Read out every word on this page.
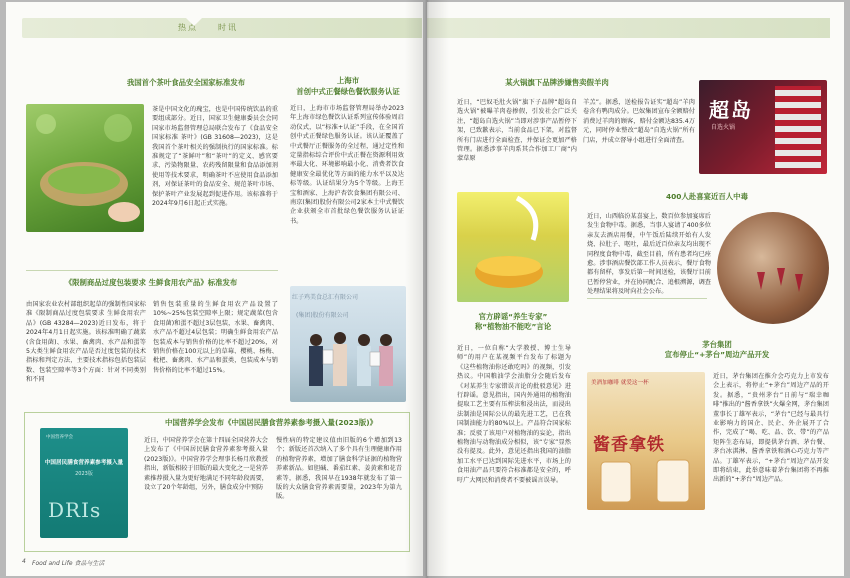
热点	时讯
我国首个茶叶食品安全国家标准发布
茶是中国文化的瑰宝，也是中国传统饮品的重要组成部分。近日，国家卫生健康委员会会同国家市场监督管理总局联合发布了《食品安全国家标准 茶叶》(GB 31608—2023)，这是我国首个茶叶相关的强制执行的国家标准。标准规定了“茶鲜叶”和“茶叶”的定义、感官要求、污染物限量、农药残留限量和食品添加剂使用等技术要求，明确茶叶不应使用食品添加剂，对保证茶叶的食品安全、规范茶叶市场、保护茶叶产业发展起到促进作用。该标准将于2024年9月6日起正式实施。
《限制商品过度包装要求 生鲜食用农产品》标准发布
由国家农业农村部组织起草的强制性国家标准《限制商品过度包装要求 生鲜食用农产品》(GB 43284—2023)近日发布，将于2024年4月1日起实施。该标准明确了蔬菜(含食用菌)、水果、畜禽肉、水产品和蛋等5大类生鲜食用农产品是否过度包装的技术指标和判定方法，主要技术指标包括包装层数、包装空隙率等3个方面：针对不同类别和不同
销售包装重量的生鲜食用农产品设置了10%~25%包装空隙率上限；规定蔬菜(包含食用菌)和蛋不超过3层包装，水果、畜禽肉、水产品不超过4层包装；明确生鲜食用农产品包装成本与销售价格的比率不超过20%，对销售价格在100元以上的草莓、樱桃、杨梅、枇杷、畜禽肉、水产品和蛋类，包装成本与销售价格的比率不超过15%。
上海市
首创中式正餐绿色餐饮服务认证
近日，上海市市场监督管理局举办2023年上海市绿色餐饮认证系列宣传体验周启动仪式，以“标准+认证”手段，在全国首创中式正餐绿色服务认证。该认证覆盖了中式餐厅正餐服务的全过程，通过定性和定量指标综合评价中式正餐在资源利用效率最大化、环境影响最小化、消费者饮食健康安全最优化等方面的能力水平以及达标等级。认证结果分为5个等级。上海王宝和酒家、上海沪杏饮食集团有限公司、南京(集团)股份有限公司2家本土中式餐饮企业获颁全市首批绿色餐饮服务认证证书。
红子鸡美食总汇有限公司
(集团)股份有限公司
中国营养学会发布《中国居民膳食营养素参考摄入量(2023版)》
中国营养学会
中国居民膳食营养素参考摄入量
2023版
DRIs
近日，中国营养学会在第十四届全国营养大会上发布了《中国居民膳食营养素参考摄入量(2023版)》。中国营养学会理事长杨月欣教授指出，新版相较于旧版的最大变化之一是营养素推荐摄入量为更好地满足不同年龄段需要，设立了20个年龄组，另外，膳食成分中预防
慢性病的特定建议值由旧版的6个增加到13个；新版还首次纳入了多个具有生理健康作用的植物营养素，增加了膳食科学证据的植物营养素新品。如胆碱、番茄红素、姜黄素和花青素等，据悉，我国早在1938年就发布了第一版的大众膳食营养素需要量，2023年为第九版。
4 Food and Life 食品与生活
某火锅旗下品牌涉嫌售卖假羊肉
近日，“巴奴毛肚火锅”旗下子品牌“超岛自选火锅”被曝羊肉卷掺假，引发社会广泛关注，“超岛自选火锅”当即对涉事产品暂停下架，已致歉表示，当前食品已下架，对监督所有门店进行全面检查，并保证会更加严格管理。据悉涉事羊肉系其合作加工厂商“内蒙草原
羊羔”。据悉，送检报告证实“超岛”羊肉卷含有鸭肉成分。巴奴集团宣布全额赔付消费过羊肉的顾客，赔付金额达835.4万元，同时停业整改“超岛”自选火锅”所有门店，并成立督导小组进行全面清查。
超岛
自选火锅
官方辟谣“养生专家”
称“植物油不能吃”言论
近日，一位自称“大学教授、博士生导师”的用户在某视频平台发布了标题为《这些植物油你还敢吃吗》的视频，引发热议。中国粮油学会油脂分会随后发布《对某养生专家错误言论的批驳意见》进行辟谣。意见指出，国内外通用的植物油提取工艺主要有压榨法和浸出法，而浸出法制油是国际公认的最先进工艺，已在我国制油能力的80%以上。产品符合国家标准；反驳了该用户对植物油的妄论，指出植物油与动物油成分相似，该“专家”显然没有提及。此外，意见还指出我国的油脂加工水平已达到国际先进水平，市场上的食用油产品只要符合标准都是安全的，呼吁广大网民和消费者不要被谣言误导。
400人赴喜宴近百人中毒
近日，山西临汾某喜宴上，数百位参加宴席后发生食物中毒。据悉，当事人宴请了400多位亲友去酒店用餐，中午饭后陆续开始有人发烧、拉肚子、呕吐，最后近百位亲友均出现不同程度食物中毒，截至目前，所有患者均已痊愈。涉事酒店餐饮部工作人员表示，餐厅食物都有留样，事发后第一时间送检，该餐厅目前已暂停营业，并在协同配合、追根溯源，调查处理结果将及时向社会公布。
茅台集团
宣布停止“+茅台”周边产品开发
美酒加咖啡 就爱这一杯
酱香拿铁
近日，茅台集团在推介会巧克力上市发布会上表示，将停止“+茅台”周边产品的开发。据悉，“贵州茅台”日前与“瑞幸咖啡”推出的“酱香拿铁”火爆全网，茅台集团董事长丁雄军表示，“茅台”已经与最具行业影响力的国企、民企、外企展开了合作，完成了“喝、吃、品、饮、带”的产品矩阵生态布局，即提供茅台酒、茅台餐、茅台冰淇淋、酱香拿铁和酒心巧克力等产品。丁雄军表示，“+茅台”周边产品开发即将结束，此举意味着茅台集团将不再推出新的“+茅台”周边产品。
